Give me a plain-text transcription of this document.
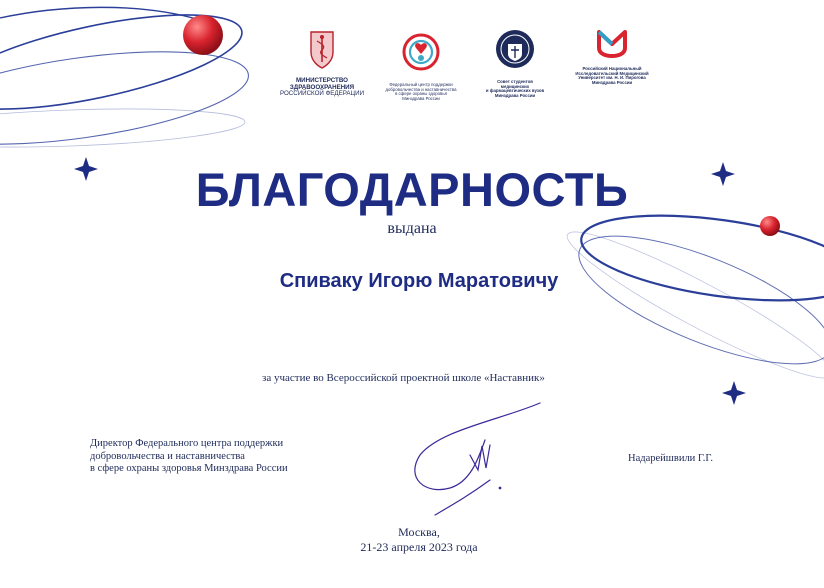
МИНИСТЕРСТВО
ЗДРАВООХРАНЕНИЯ
РОССИЙСКОЙ ФЕДЕРАЦИИ
Федеральный центр поддержки
добровольчества и наставничества
в сфере охраны здоровья
Минздрава России
Совет студентов
медицинских
и фармацевтических вузов
Минздрава России
Российский Национальный
Исследовательский Медицинский
Университет им. Н. И. Пирогова
Минздрава России
БЛАГОДАРНОСТЬ
выдана
Спиваку Игорю Маратовичу
за участие во Всероссийской проектной школе «Наставник»
Директор Федерального центра поддержки
добровольчества и наставничества
в сфере охраны здоровья Минздрава России
Надарейшвили Г.Г.
Москва,
21-23 апреля 2023 года
